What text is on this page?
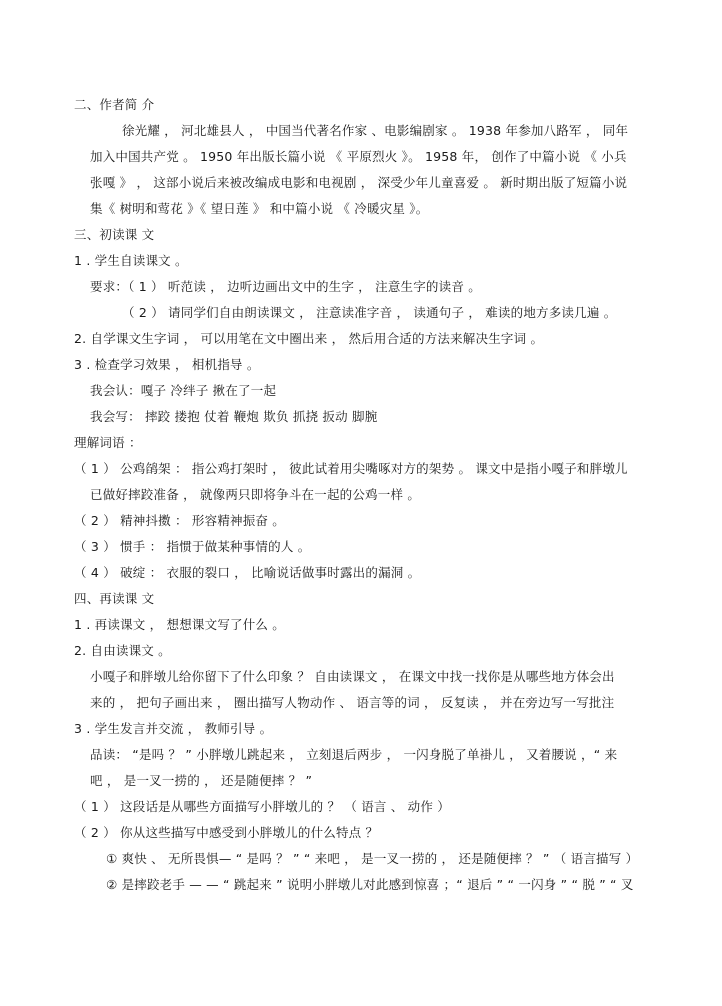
二、作者简 介
徐光耀 ， 河北雄县人 ， 中国当代著名作家 、电影编剧家 。 1938 年参加八路军 ， 同年
加入中国共产党 。 1950 年出版长篇小说 《 平原烈火 》。 1958 年， 创作了中篇小说 《 小兵
张嘎 》 ， 这部小说后来被改编成电影和电视剧 ， 深受少年儿童喜爱 。 新时期出版了短篇小说
集《 树明和莺花 》《 望日莲 》 和中篇小说 《 冷暖灾星 》。
三、初读课 文
1 . 学生自读课文 。
要求：（ 1 ） 听范读 ， 边听边画出文中的生字 ， 注意生字的读音 。
（ 2 ） 请同学们自由朗读课文 ， 注意读准字音 ， 读通句子 ， 难读的地方多读几遍 。
2. 自学课文生字词 ， 可以用笔在文中圈出来 ， 然后用合适的方法来解决生字词 。
3 . 检查学习效果 ， 相机指导 。
我会认：嘎子 冷绊子 揪在了一起
我会写： 摔跤 搂抱 仗着 鞭炮 欺负 抓挠 扳动 脚腕
理解词语 ：
（ 1 ） 公鸡鹐架 ： 指公鸡打架时 ， 彼此试着用尖嘴啄对方的架势 。 课文中是指小嘎子和胖墩儿
已做好摔跤准备 ， 就像两只即将争斗在一起的公鸡一样 。
（ 2 ） 精神抖擞 ： 形容精神振奋 。
（ 3 ） 惯手 ： 指惯于做某种事情的人 。
（ 4 ） 破绽 ： 衣服的裂口 ， 比喻说话做事时露出的漏洞 。
四、再读课 文
1 . 再读课文 ， 想想课文写了什么 。
2. 自由读课文 。
小嘎子和胖墩儿给你留下了什么印象 ？ 自由读课文 ， 在课文中找一找你是从哪些地方体会出
来的 ， 把句子画出来 ， 圈出描写人物动作 、 语言等的词 ， 反复读 ， 并在旁边写一写批注
3 . 学生发言并交流 ， 教师引导 。
品读： “是吗 ？ ” 小胖墩儿跳起来 ， 立刻退后两步 ， 一闪身脱了单褂儿 ， 又着腰说 ，“ 来
吧 ， 是一叉一捞的 ， 还是随便摔 ？ ”
（ 1 ） 这段话是从哪些方面描写小胖墩儿的 ？ （ 语言 、 动作 ）
（ 2 ） 你从这些描写中感受到小胖墩儿的什么特点 ？
① 爽快 、 无所畏惧— “ 是吗 ？ ” “ 来吧 ， 是一叉一捞的 ， 还是随便摔 ？ ” （ 语言描写 ）
② 是摔跤老手 — — “ 跳起来 ” 说明小胖墩儿对此感到惊喜 ；“ 退后 ” “ 一闪身 ” “ 脱 ” “ 叉
